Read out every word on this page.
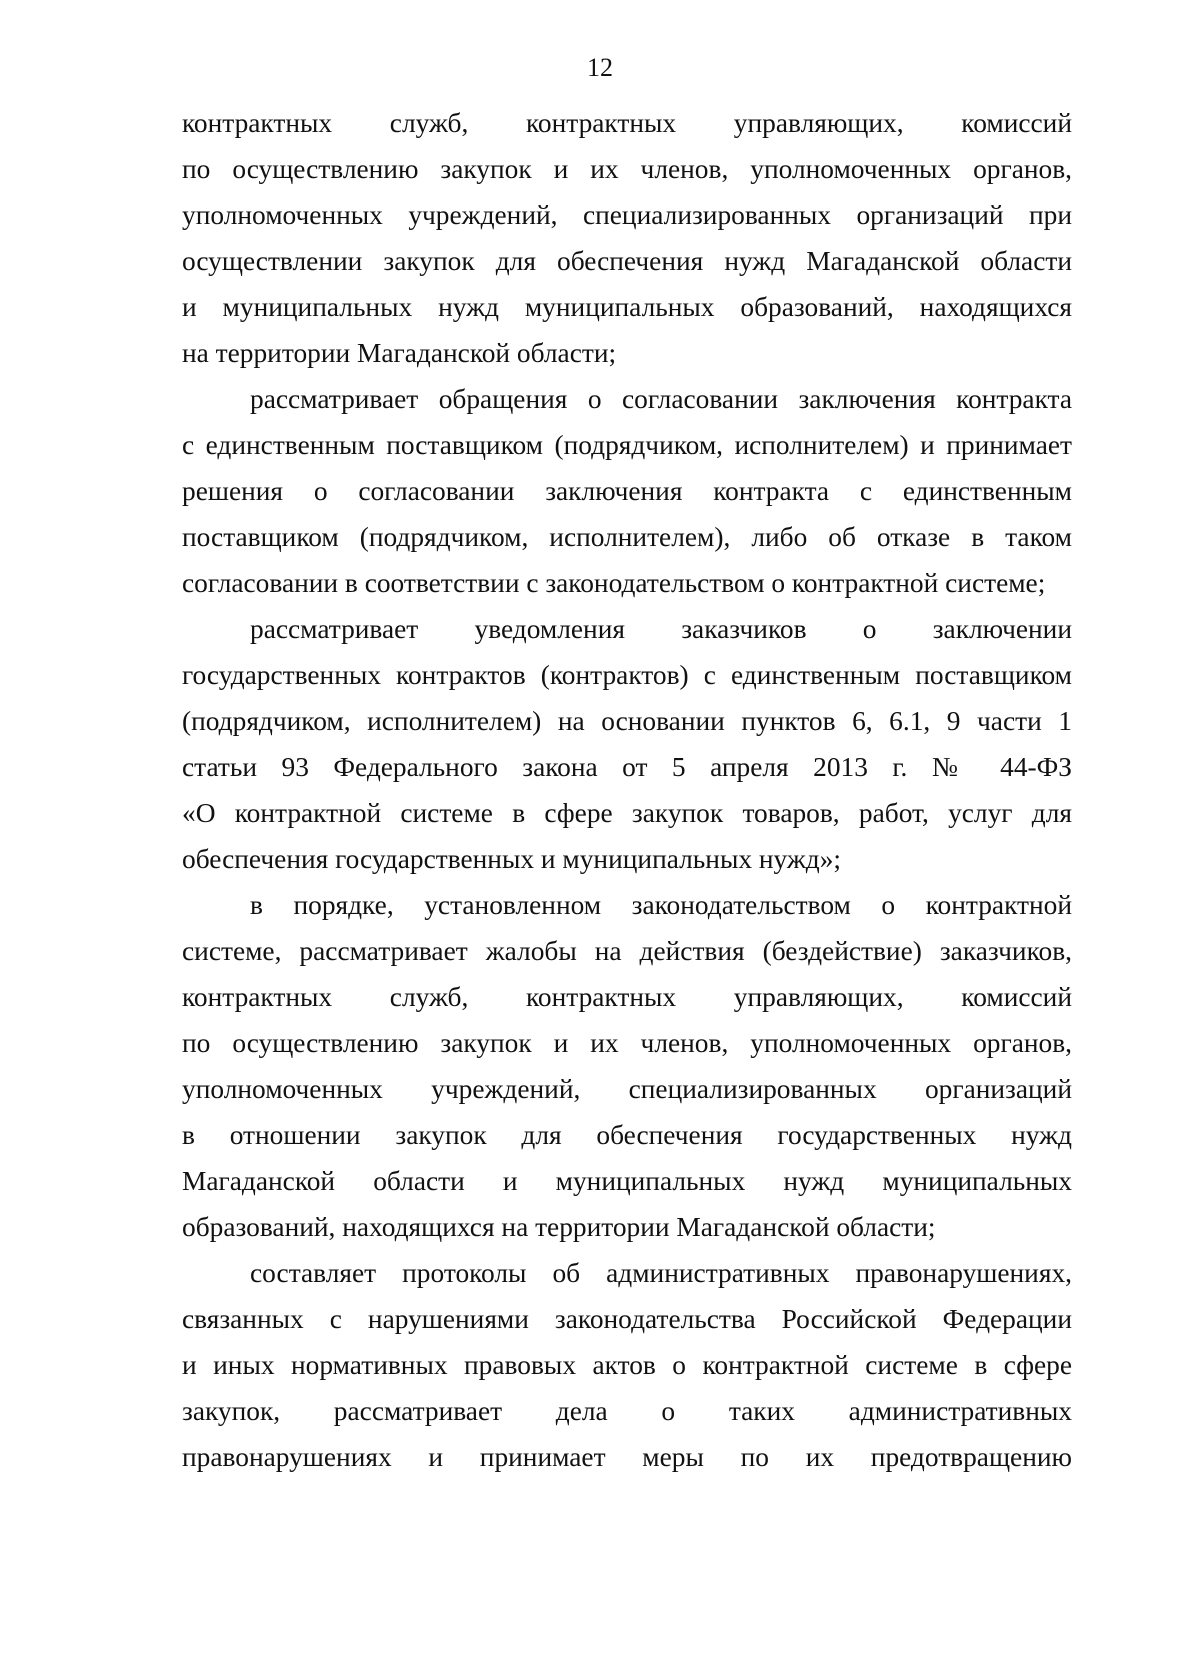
12
контрактных служб, контрактных управляющих, комиссий
по осуществлению закупок и их членов, уполномоченных органов,
уполномоченных учреждений, специализированных организаций при
осуществлении закупок для обеспечения нужд Магаданской области
и муниципальных нужд муниципальных образований, находящихся
на территории Магаданской области;
рассматривает обращения о согласовании заключения контракта
с единственным поставщиком (подрядчиком, исполнителем) и принимает
решения о согласовании заключения контракта с единственным
поставщиком (подрядчиком, исполнителем), либо об отказе в таком
согласовании в соответствии с законодательством о контрактной системе;
рассматривает уведомления заказчиков о заключении
государственных контрактов (контрактов) с единственным поставщиком
(подрядчиком, исполнителем) на основании пунктов 6, 6.1, 9 части 1
статьи 93 Федерального закона от 5 апреля 2013 г. № 44-ФЗ
«О контрактной системе в сфере закупок товаров, работ, услуг для
обеспечения государственных и муниципальных нужд»;
в порядке, установленном законодательством о контрактной
системе, рассматривает жалобы на действия (бездействие) заказчиков,
контрактных служб, контрактных управляющих, комиссий
по осуществлению закупок и их членов, уполномоченных органов,
уполномоченных учреждений, специализированных организаций
в отношении закупок для обеспечения государственных нужд
Магаданской области и муниципальных нужд муниципальных
образований, находящихся на территории Магаданской области;
составляет протоколы об административных правонарушениях,
связанных с нарушениями законодательства Российской Федерации
и иных нормативных правовых актов о контрактной системе в сфере
закупок, рассматривает дела о таких административных
правонарушениях и принимает меры по их предотвращению
